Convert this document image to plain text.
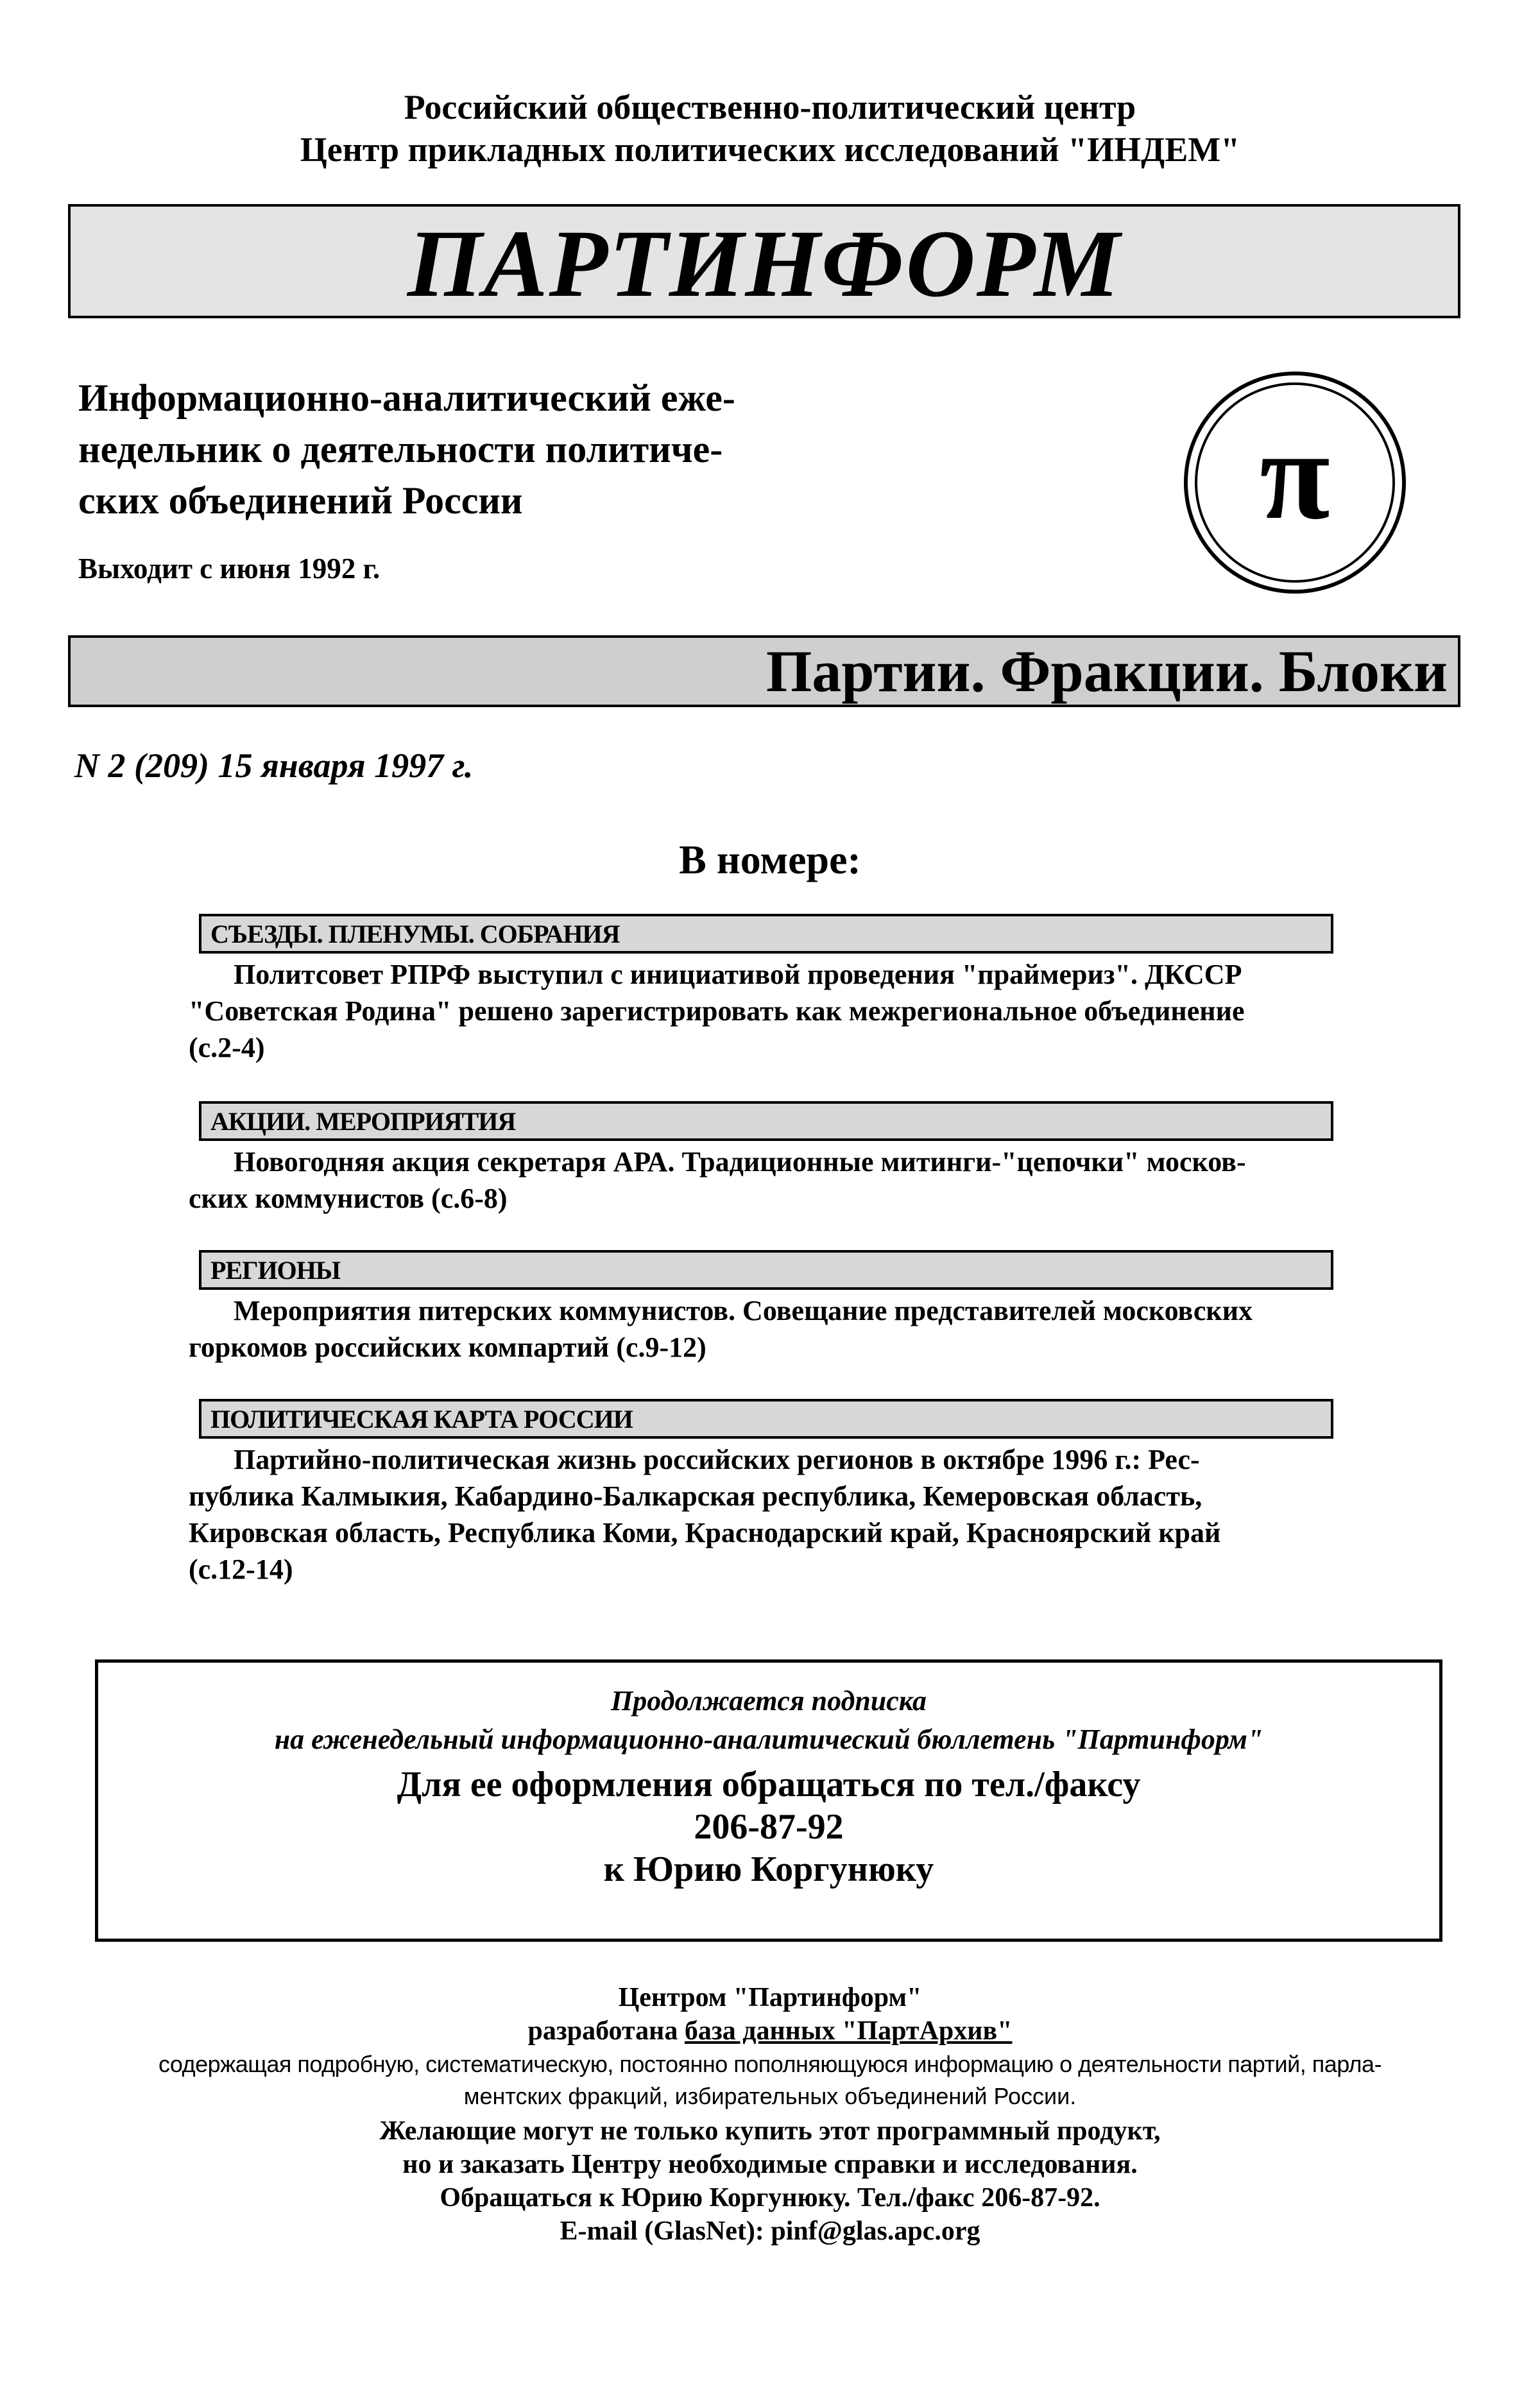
Российский общественно-политический центр
Центр прикладных политических исследований "ИНДЕМ"
ПАРТИНФОРМ
Информационно-аналитический еже-
недельник о деятельности политиче-
ских объединений России
Выходит с июня 1992 г.
π
Партии. Фракции. Блоки
N 2 (209) 15 января 1997 г.
В номере:
СЪЕЗДЫ. ПЛЕНУМЫ. СОБРАНИЯ
Политсовет РПРФ выступил с инициативой проведения "праймериз". ДКССР
"Советская Родина" решено зарегистрировать как межрегиональное объединение
(с.2-4)
АКЦИИ. МЕРОПРИЯТИЯ
Новогодняя акция секретаря АРА. Традиционные митинги-"цепочки" москов-
ских коммунистов (с.6-8)
РЕГИОНЫ
Мероприятия питерских коммунистов. Совещание представителей московских
горкомов российских компартий (с.9-12)
ПОЛИТИЧЕСКАЯ КАРТА РОССИИ
Партийно-политическая жизнь российских регионов в октябре 1996 г.: Рес-
публика Калмыкия, Кабардино-Балкарская республика, Кемеровская область,
Кировская область, Республика Коми, Краснодарский край, Красноярский край
(с.12-14)
Продолжается подписка
на еженедельный информационно-аналитический бюллетень "Партинформ"
Для ее оформления обращаться по тел./факсу
206-87-92
к Юрию Коргунюку
Центром "Партинформ"
разработана база данных "ПартАрхив"
содержащая подробную, систематическую, постоянно пополняющуюся информацию о деятельности партий, парла-
ментских фракций, избирательных объединений России.
Желающие могут не только купить этот программный продукт,
но и заказать Центру необходимые справки и исследования.
Обращаться к Юрию Коргунюку. Тел./факс 206-87-92.
E-mail (GlasNet): pinf@glas.apc.org
